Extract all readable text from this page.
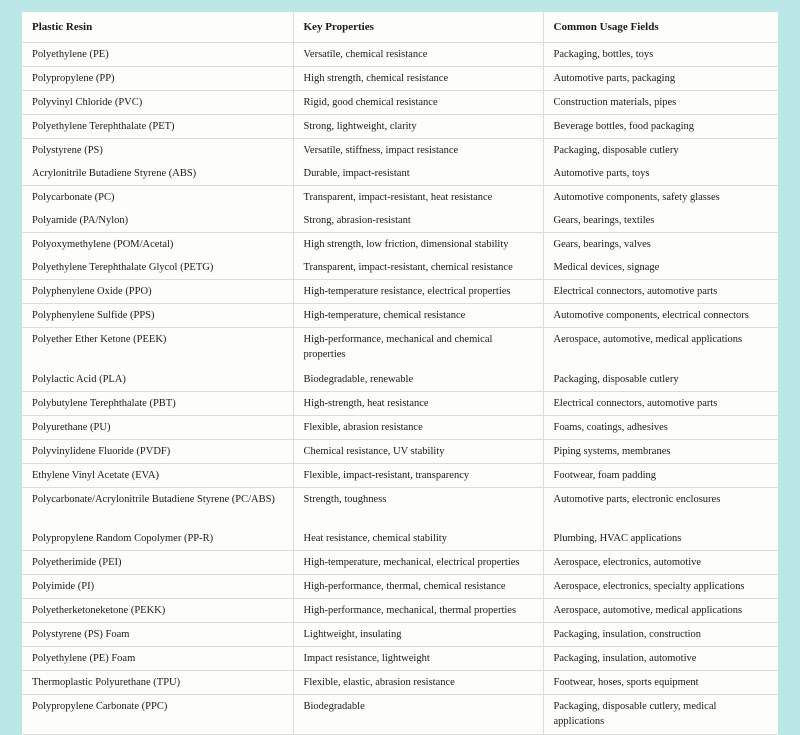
Plastic Resin	Key Properties	Common Usage Fields
Polyethylene (PE)	Versatile, chemical resistance	Packaging, bottles, toys
Polypropylene (PP)	High strength, chemical resistance	Automotive parts, packaging
Polyvinyl Chloride (PVC)	Rigid, good chemical resistance	Construction materials, pipes
Polyethylene Terephthalate (PET)	Strong, lightweight, clarity	Beverage bottles, food packaging
Polystyrene (PS)	Versatile, stiffness, impact resistance	Packaging, disposable cutlery
Acrylonitrile Butadiene Styrene (ABS)	Durable, impact-resistant	Automotive parts, toys
Polycarbonate (PC)	Transparent, impact-resistant, heat resistance	Automotive components, safety glasses
Polyamide (PA/Nylon)	Strong, abrasion-resistant	Gears, bearings, textiles
Polyoxymethylene (POM/Acetal)	High strength, low friction, dimensional stability	Gears, bearings, valves
Polyethylene Terephthalate Glycol (PETG)	Transparent, impact-resistant, chemical resistance	Medical devices, signage
Polyphenylene Oxide (PPO)	High-temperature resistance, electrical properties	Electrical connectors, automotive parts
Polyphenylene Sulfide (PPS)	High-temperature, chemical resistance	Automotive components, electrical connectors
Polyether Ether Ketone (PEEK)	High-performance, mechanical and chemical properties	Aerospace, automotive, medical applications
Polylactic Acid (PLA)	Biodegradable, renewable	Packaging, disposable cutlery
Polybutylene Terephthalate (PBT)	High-strength, heat resistance	Electrical connectors, automotive parts
Polyurethane (PU)	Flexible, abrasion resistance	Foams, coatings, adhesives
Polyvinylidene Fluoride (PVDF)	Chemical resistance, UV stability	Piping systems, membranes
Ethylene Vinyl Acetate (EVA)	Flexible, impact-resistant, transparency	Footwear, foam padding
Polycarbonate/Acrylonitrile Butadiene Styrene (PC/ABS)	Strength, toughness	Automotive parts, electronic enclosures
Polypropylene Random Copolymer (PP-R)	Heat resistance, chemical stability	Plumbing, HVAC applications
Polyetherimide (PEI)	High-temperature, mechanical, electrical properties	Aerospace, electronics, automotive
Polyimide (PI)	High-performance, thermal, chemical resistance	Aerospace, electronics, specialty applications
Polyetherketoneketone (PEKK)	High-performance, mechanical, thermal properties	Aerospace, automotive, medical applications
Polystyrene (PS) Foam	Lightweight, insulating	Packaging, insulation, construction
Polyethylene (PE) Foam	Impact resistance, lightweight	Packaging, insulation, automotive
Thermoplastic Polyurethane (TPU)	Flexible, elastic, abrasion resistance	Footwear, hoses, sports equipment
Polypropylene Carbonate (PPC)	Biodegradable	Packaging, disposable cutlery, medical applications
